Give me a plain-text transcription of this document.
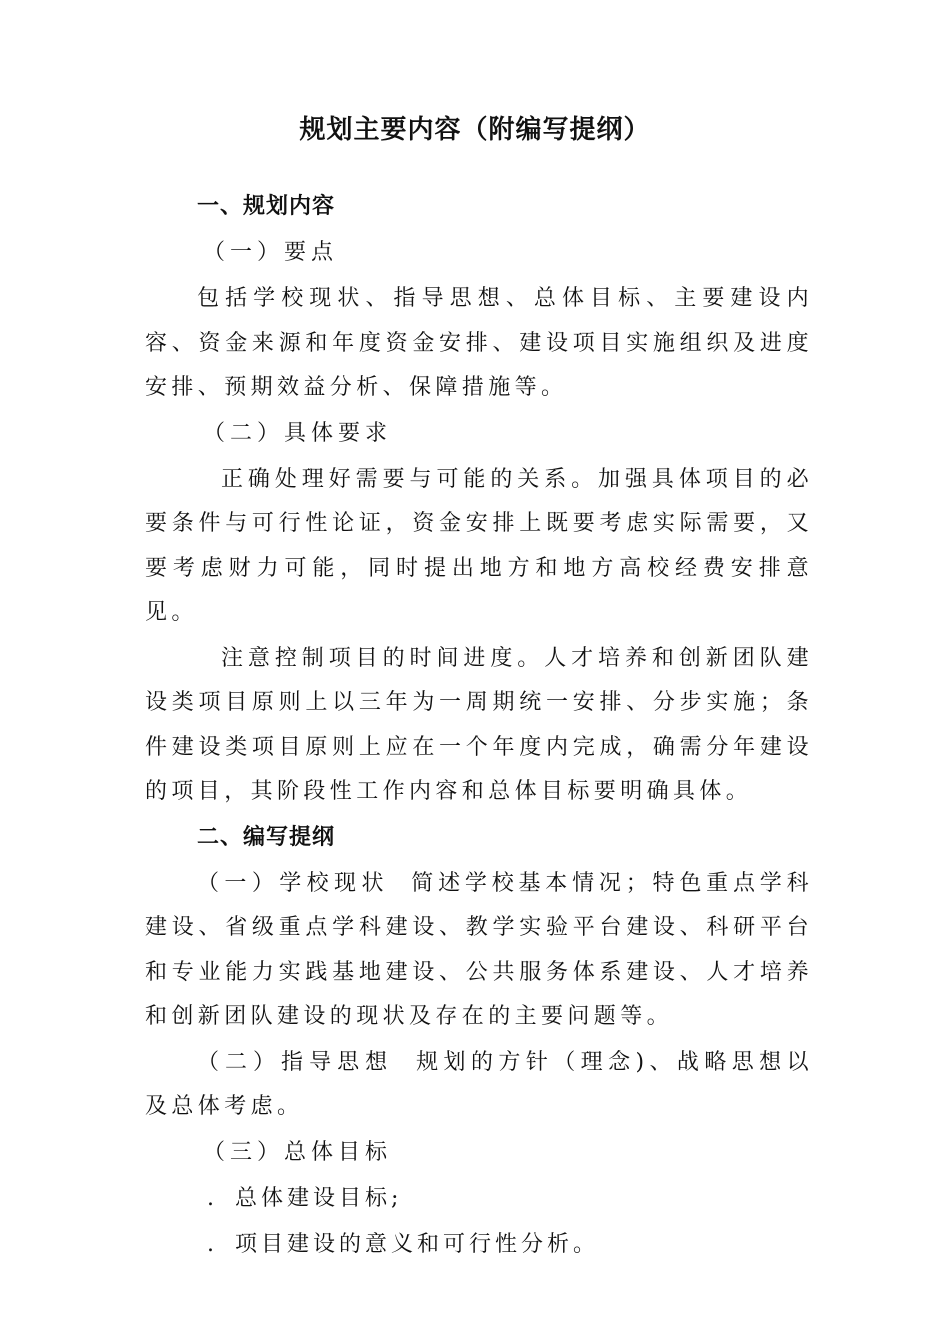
规划主要内容（附编写提纲）
一、规划内容
（一）要点

包括学校现状、指导思想、总体目标、主要建设内容、资金来源和年度资金安排、建设项目实施组织及进度安排、预期效益分析、保障措施等。

（二）具体要求

正确处理好需要与可能的关系。加强具体项目的必要条件与可行性论证，资金安排上既要考虑实际需要，又要考虑财力可能，同时提出地方和地方高校经费安排意见。

注意控制项目的时间进度。人才培养和创新团队建设类项目原则上以三年为一周期统一安排、分步实施；条件建设类项目原则上应在一个年度内完成，确需分年建设的项目，其阶段性工作内容和总体目标要明确具体。

二、编写提纲

（一）学校现状 简述学校基本情况；特色重点学科建设、省级重点学科建设、教学实验平台建设、科研平台和专业能力实践基地建设、公共服务体系建设、人才培养和创新团队建设的现状及存在的主要问题等。

（二）指导思想 规划的方针（理念)、战略思想以及总体考虑。

（三）总体目标
. 总体建设目标;
. 项目建设的意义和可行性分析。
